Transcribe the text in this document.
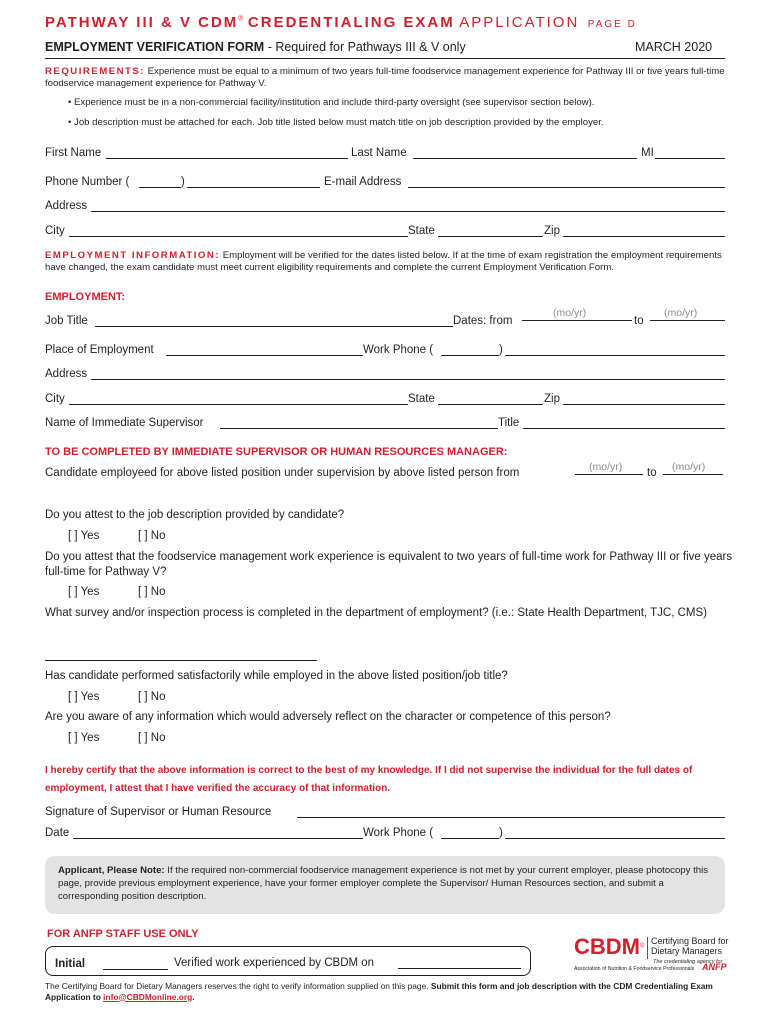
PATHWAY III & V CDM® CREDENTIALING EXAM APPLICATION PAGE D
EMPLOYMENT VERIFICATION FORM - Required for Pathways III & V only	MARCH 2020
REQUIREMENTS: Experience must be equal to a minimum of two years full-time foodservice management experience for Pathway III or five years full-time foodservice management experience for Pathway V.
• Experience must be in a non-commercial facility/institution and include third-party oversight (see supervisor section below).
• Job description must be attached for each. Job title listed below must match title on job description provided by the employer.
First Name	Last Name	MI
Phone Number (	)	E-mail Address
Address
City	State	Zip
EMPLOYMENT INFORMATION: Employment will be verified for the dates listed below. If at the time of exam registration the employment requirements have changed, the exam candidate must meet current eligibility requirements and complete the current Employment Verification Form.
EMPLOYMENT:
Job Title	Dates: from
(mo/yr)
to
(mo/yr)
Place of Employment	Work Phone (	)
Address
City	State	Zip
Name of Immediate Supervisor	Title
TO BE COMPLETED BY IMMEDIATE SUPERVISOR OR HUMAN RESOURCES MANAGER:
Candidate employeed for above listed position under supervision by above listed person from	(mo/yr) to (mo/yr)
Do you attest to the job description provided by candidate?
[ ] Yes	[ ] No
Do you attest that the foodservice management work experience is equivalent to two years of full-time work for Pathway III or five years full-time for Pathway V?
[ ] Yes	[ ] No
What survey and/or inspection process is completed in the department of employment? (i.e.: State Health Department, TJC, CMS)
Has candidate performed satisfactorily while employed in the above listed position/job title?
[ ] Yes	[ ] No
Are you aware of any information which would adversely reflect on the character or competence of this person?
[ ] Yes	[ ] No
I hereby certify that the above information is correct to the best of my knowledge. If I did not supervise the individual for the full dates of employment, I attest that I have verified the accuracy of that information.
Signature of Supervisor or Human Resource
Date	Work Phone (	)
Applicant, Please Note: If the required non-commercial foodservice management experience is not met by your current employer, please photocopy this page, provide previous employment experience, have your former employer complete the Supervisor/ Human Resources section, and submit a corresponding position description.
FOR ANFP STAFF USE ONLY
Initial	Verified work experienced by CBDM on
CBDM®
Certifying Board for
Dietary Managers
The credentialing agency for
Association of Nutrition & Foodservice Professionals ANFP
The Certifying Board for Dietary Managers reserves the right to verify information supplied on this page. Submit this form and job description with the CDM Credentialing Exam Application to info@CBDMonline.org.
